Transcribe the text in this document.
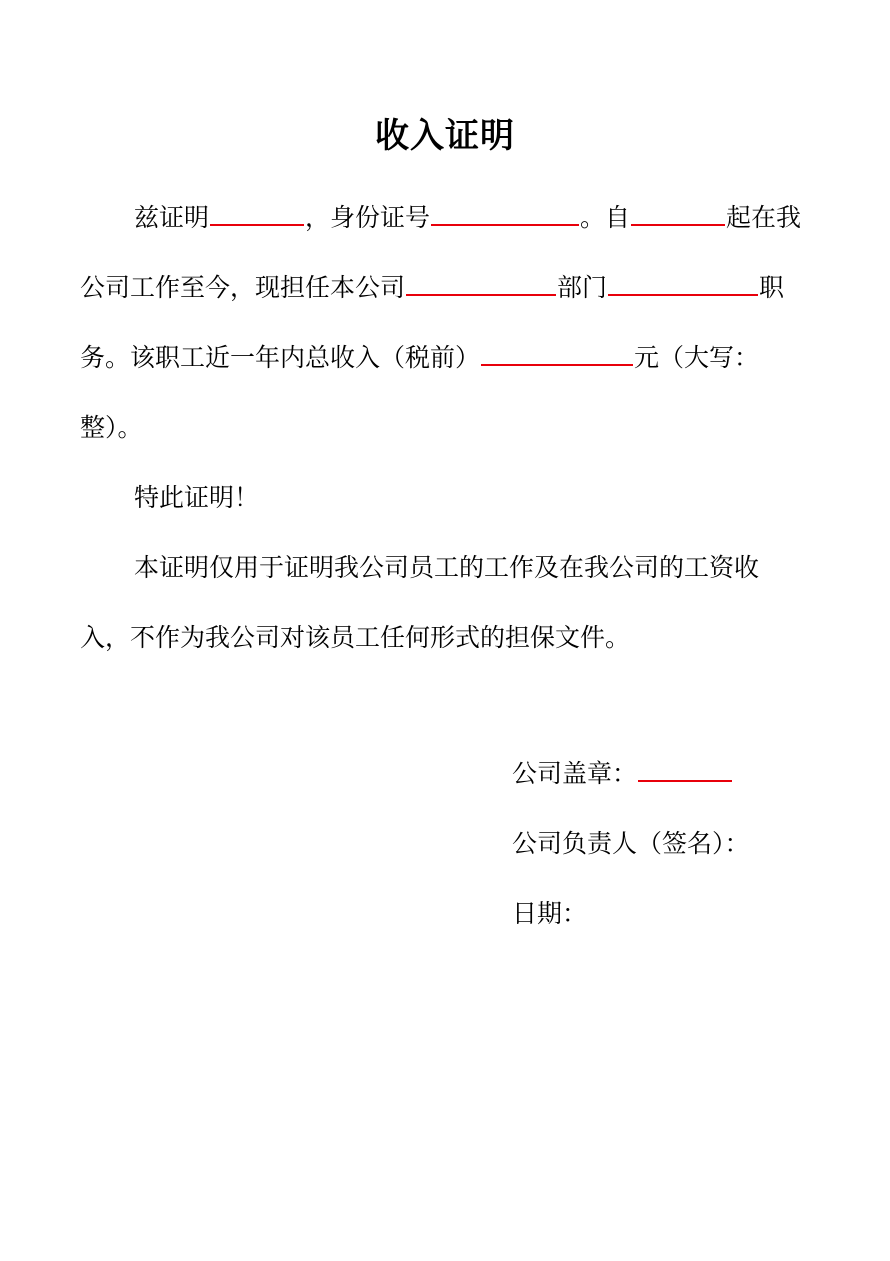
收入证明
兹证明	，身份证号	。自	起在我
公司工作至今，现担任本公司	部门	职
务。该职工近一年内总收入（税前）	元（大写：
整）。
特此证明！
本证明仅用于证明我公司员工的工作及在我公司的工资收
入，不作为我公司对该员工任何形式的担保文件。
公司盖章：
公司负责人（签名）：
日期：
